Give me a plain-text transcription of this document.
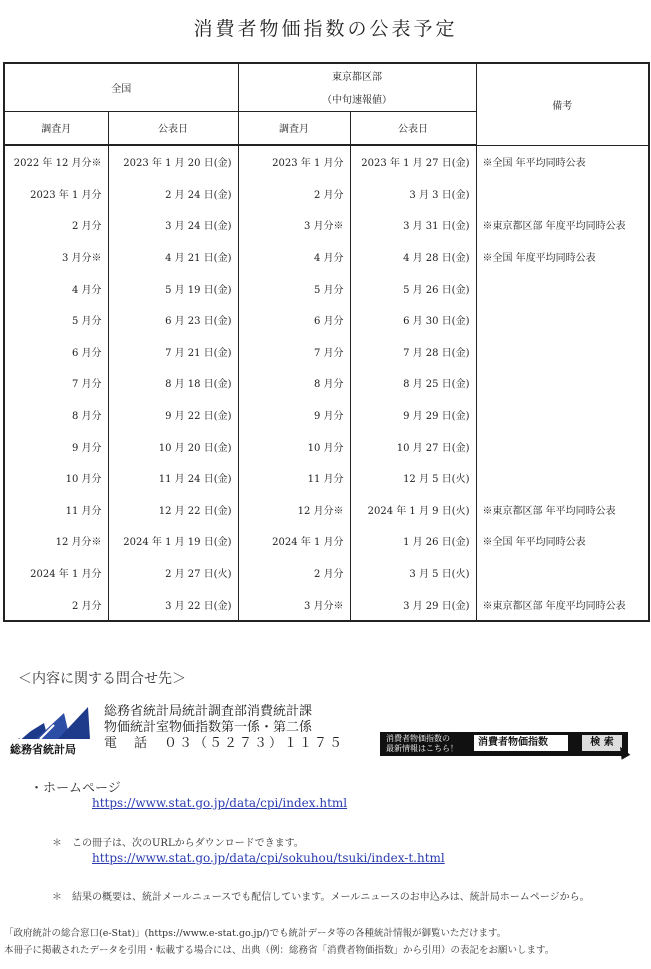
消費者物価指数の公表予定
全国		東京都区部
（中旬速報値）		備考
調査月	公表日	調査月	公表日	
2022 年 12 月分※	2023 年 1 月 20 日(金)	2023 年 1 月分	2023 年 1 月 27 日(金)	※全国 年平均同時公表
2023 年 1 月分	2 月 24 日(金)	2 月分	3 月 3 日(金)	
2 月分	3 月 24 日(金)	3 月分※	3 月 31 日(金)	※東京都区部 年度平均同時公表
3 月分※	4 月 21 日(金)	4 月分	4 月 28 日(金)	※全国 年度平均同時公表
4 月分	5 月 19 日(金)	5 月分	5 月 26 日(金)	
5 月分	6 月 23 日(金)	6 月分	6 月 30 日(金)	
6 月分	7 月 21 日(金)	7 月分	7 月 28 日(金)	
7 月分	8 月 18 日(金)	8 月分	8 月 25 日(金)	
8 月分	9 月 22 日(金)	9 月分	9 月 29 日(金)	
9 月分	10 月 20 日(金)	10 月分	10 月 27 日(金)	
10 月分	11 月 24 日(金)	11 月分	12 月 5 日(火)	
11 月分	12 月 22 日(金)	12 月分※	2024 年 1 月 9 日(火)	※東京都区部 年平均同時公表
12 月分※	2024 年 1 月 19 日(金)	2024 年 1 月分	1 月 26 日(金)	※全国 年平均同時公表
2024 年 1 月分	2 月 27 日(火)	2 月分	3 月 5 日(火)	
2 月分	3 月 22 日(金)	3 月分※	3 月 29 日(金)	※東京都区部 年度平均同時公表
＜内容に関する問合せ先＞
総務省統計局
総務省統計局統計調査部消費統計課
物価統計室物価指数第一係・第二係
電　話　０３（５２７３）１１７５	消費者物価指数の
最新情報はこちら！
消費者物価指数	検 索
・ホームページ
https://www.stat.go.jp/data/cpi/index.html
＊　この冊子は、次のURLからダウンロードできます。
https://www.stat.go.jp/data/cpi/sokuhou/tsuki/index-t.html
＊　結果の概要は、統計メールニュースでも配信しています。メールニュースのお申込みは、統計局ホームページから。
「政府統計の総合窓口(e-Stat)」(https://www.e-stat.go.jp/)でも統計データ等の各種統計情報が御覧いただけます。
本冊子に掲載されたデータを引用・転載する場合には、出典（例：総務省「消費者物価指数」から引用）の表記をお願いします。
